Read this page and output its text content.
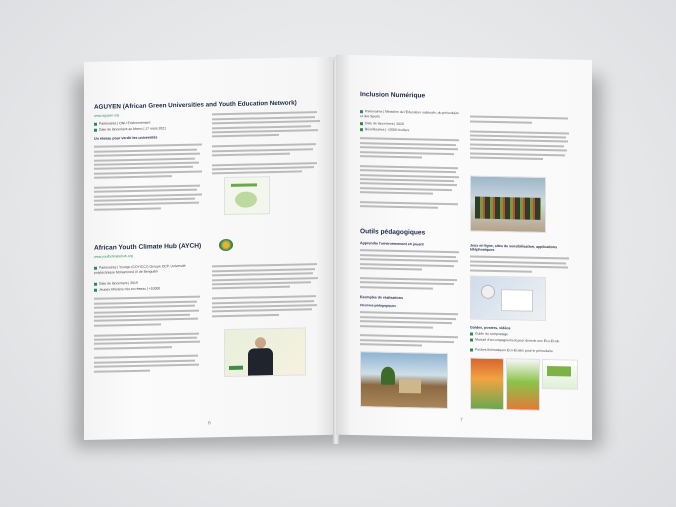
AGUYEN (African Green Universities and Youth Education Network)
www.aguyen.org
Partenaires | ONU Environnement
Date de lancement au Maroc | 17 mars 2021
Un réseau pour verdir les universités
African Youth Climate Hub (AYCH)
www.youthclimatehub.org
Partenaires | Youngo (COY/CCJ) Groupe OCP, Université polytechnique Mohammed VI de Benguérir
Date de lancement | 2019
Jeunes Africains mis en réseau | +10000
6
Inclusion Numérique
Partenaires | Ministère de l'Éducation nationale, du préscolaire et des Sports
Date de lancement | 2020
Bénéficiaires | +2000 écoliers
Outils pédagogiques
Apprendre l'environnement en jouant
Exemples de réalisations
Chemins pédagogiques
Jeux en ligne, sites de sensibilisation, applications téléphoniques
Guides, posters, vidéos
Guide du compostage
Manuel d'accompagnement pour devenir une Éco-École
Posters thématiques Éco-Écoles pour le préscolaire
7
